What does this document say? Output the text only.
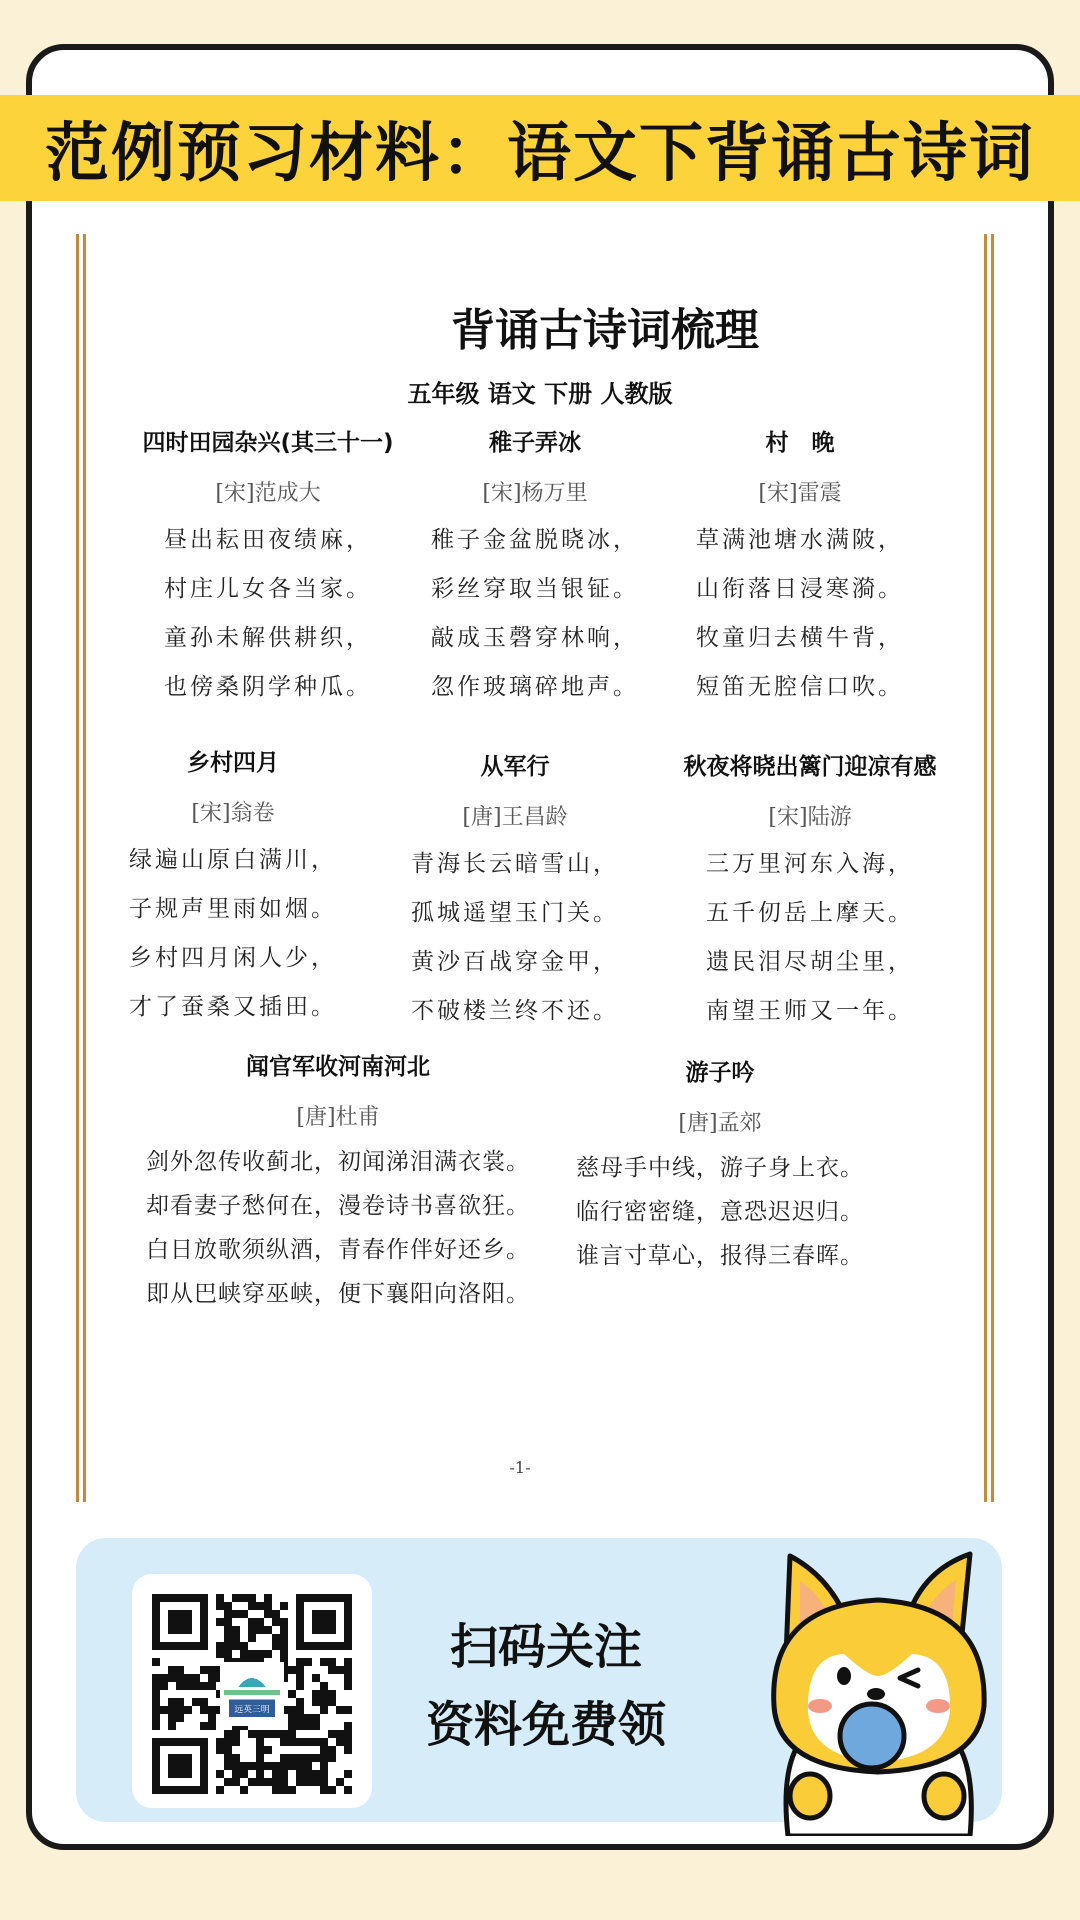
范例预习材料：语文下背诵古诗词
背诵古诗词梳理
五年级 语文 下册 人教版
四时田园杂兴(其三十一)
[宋]范成大
昼出耘田夜绩麻，
村庄儿女各当家。
童孙未解供耕织，
也傍桑阴学种瓜。
稚子弄冰
[宋]杨万里
稚子金盆脱晓冰，
彩丝穿取当银钲。
敲成玉磬穿林响，
忽作玻璃碎地声。
村　晚
[宋]雷震
草满池塘水满陂，
山衔落日浸寒漪。
牧童归去横牛背，
短笛无腔信口吹。
乡村四月
[宋]翁卷
绿遍山原白满川，
子规声里雨如烟。
乡村四月闲人少，
才了蚕桑又插田。
从军行
[唐]王昌龄
青海长云暗雪山，
孤城遥望玉门关。
黄沙百战穿金甲，
不破楼兰终不还。
秋夜将晓出篱门迎凉有感
[宋]陆游
三万里河东入海，
五千仞岳上摩天。
遗民泪尽胡尘里，
南望王师又一年。
闻官军收河南河北
[唐]杜甫
剑外忽传收蓟北，初闻涕泪满衣裳。
却看妻子愁何在，漫卷诗书喜欲狂。
白日放歌须纵酒，青春作伴好还乡。
即从巴峡穿巫峡，便下襄阳向洛阳。
游子吟
[唐]孟郊
慈母手中线，游子身上衣。
临行密密缝，意恐迟迟归。
谁言寸草心，报得三春晖。
-1-
远英三明
扫码关注
资料免费领
